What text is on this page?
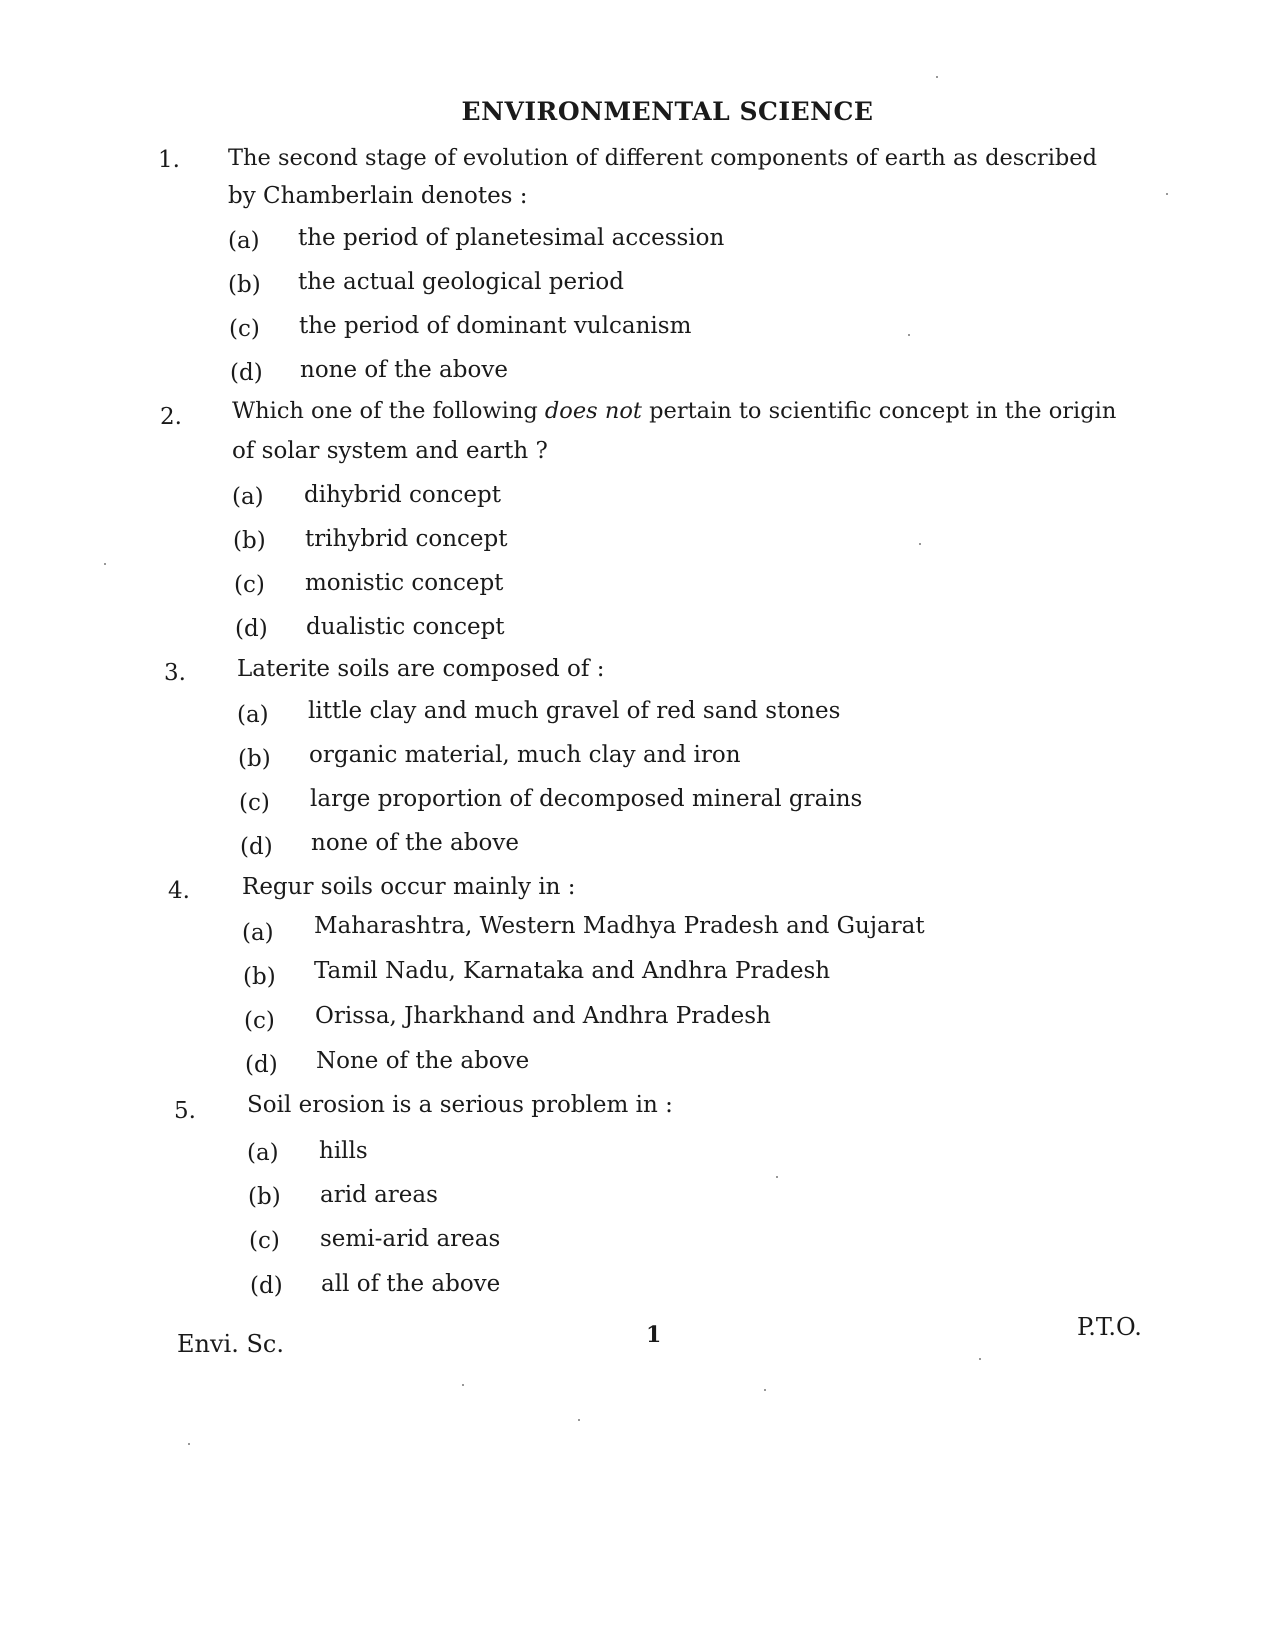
ENVIRONMENTAL SCIENCE
1. The second stage of evolution of different components of earth as described
by Chamberlain denotes :
(a) the period of planetesimal accession
(b) the actual geological period
(c) the period of dominant vulcanism
(d) none of the above
2. Which one of the following does not pertain to scientific concept in the origin
of solar system and earth ?
(a) dihybrid concept
(b) trihybrid concept
(c) monistic concept
(d) dualistic concept
3. Laterite soils are composed of :
(a) little clay and much gravel of red sand stones
(b) organic material, much clay and iron
(c) large proportion of decomposed mineral grains
(d) none of the above
4. Regur soils occur mainly in :
(a) Maharashtra, Western Madhya Pradesh and Gujarat
(b) Tamil Nadu, Karnataka and Andhra Pradesh
(c) Orissa, Jharkhand and Andhra Pradesh
(d) None of the above
5. Soil erosion is a serious problem in :
(a) hills
(b) arid areas
(c) semi-arid areas
(d) all of the above
Envi. Sc.	1	P.T.O.
